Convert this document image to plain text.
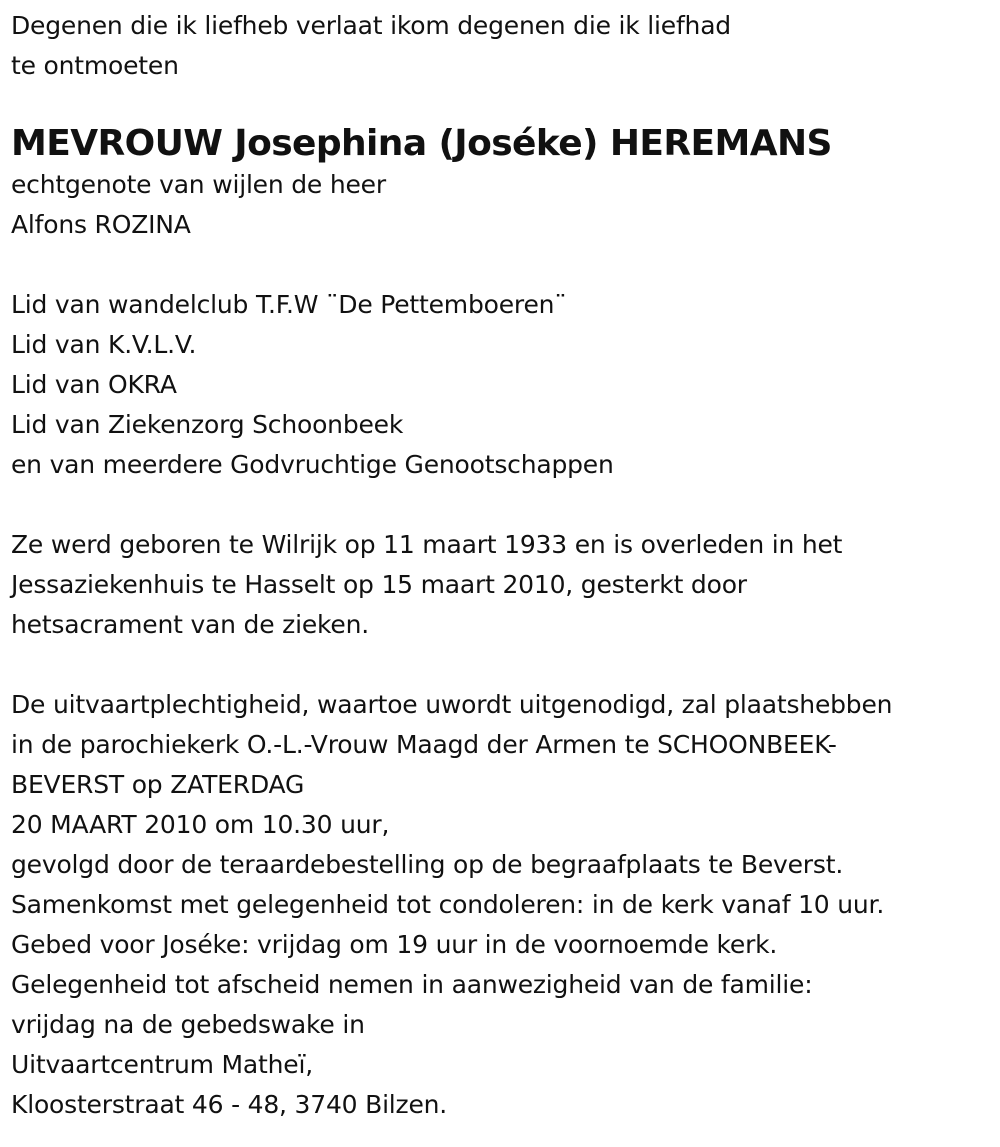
Degenen die ik liefheb verlaat ikom degenen die ik liefhad
te ontmoeten
MEVROUW Josephina (Joséke) HEREMANS
echtgenote van wijlen de heer
Alfons ROZINA
Lid van wandelclub T.F.W ¨De Pettemboeren¨
Lid van K.V.L.V.
Lid van OKRA
Lid van Ziekenzorg Schoonbeek
en van meerdere Godvruchtige Genootschappen
Ze werd geboren te Wilrijk op 11 maart 1933 en is overleden in het
Jessaziekenhuis te Hasselt op 15 maart 2010, gesterkt door
hetsacrament van de zieken.
De uitvaartplechtigheid, waartoe uwordt uitgenodigd, zal plaatshebben
in de parochiekerk O.-L.-Vrouw Maagd der Armen te SCHOONBEEK-
BEVERST op ZATERDAG
20 MAART 2010 om 10.30 uur,
gevolgd door de teraardebestelling op de begraafplaats te Beverst.
Samenkomst met gelegenheid tot condoleren: in de kerk vanaf 10 uur.
Gebed voor Joséke: vrijdag om 19 uur in de voornoemde kerk.
Gelegenheid tot afscheid nemen in aanwezigheid van de familie:
vrijdag na de gebedswake in
Uitvaartcentrum Matheï,
Kloosterstraat 46 - 48, 3740 Bilzen.
